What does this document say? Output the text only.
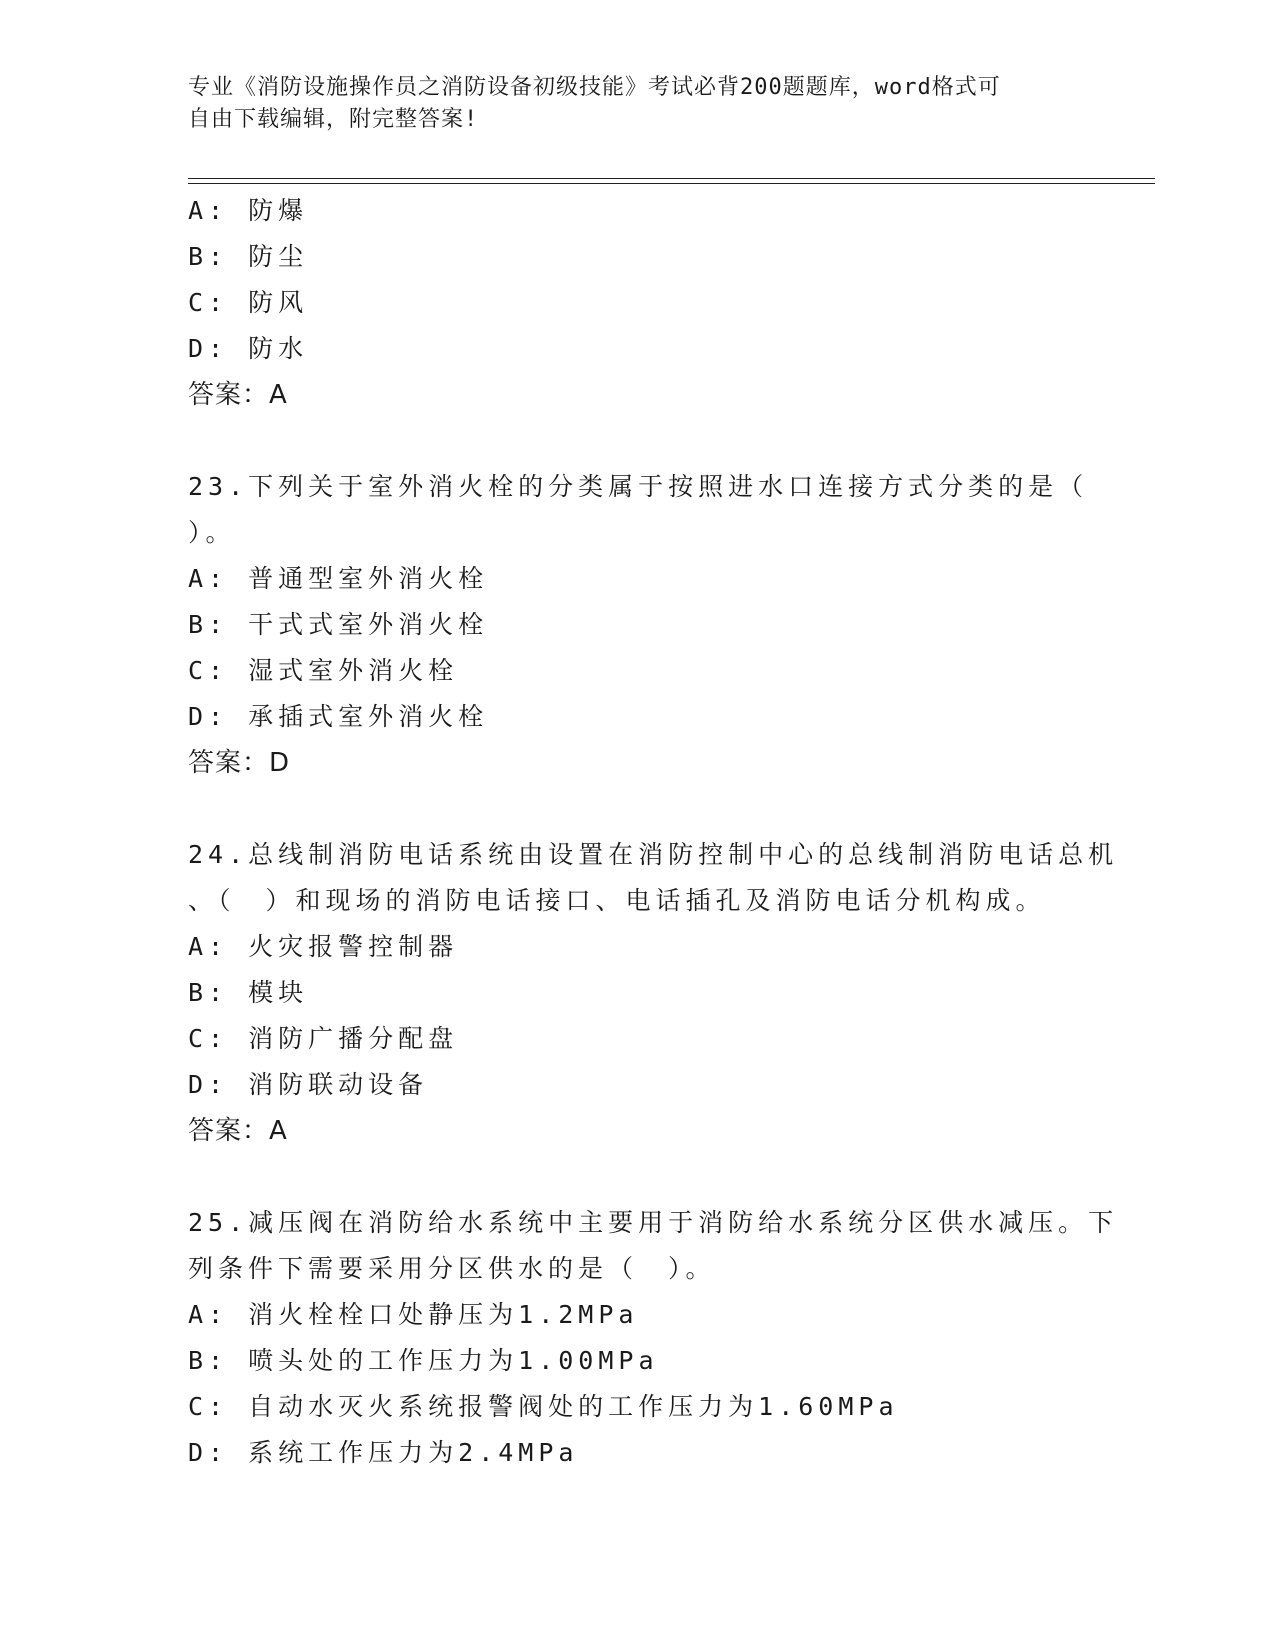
专业《消防设施操作员之消防设备初级技能》考试必背200题题库，word格式可
自由下载编辑，附完整答案!
A: 防爆
B: 防尘
C: 防风
D: 防水
答案：A
23.下列关于室外消火栓的分类属于按照进水口连接方式分类的是（
）。
A: 普通型室外消火栓
B: 干式式室外消火栓
C: 湿式室外消火栓
D: 承插式室外消火栓
答案：D
24.总线制消防电话系统由设置在消防控制中心的总线制消防电话总机
、（　）和现场的消防电话接口、电话插孔及消防电话分机构成。
A: 火灾报警控制器
B: 模块
C: 消防广播分配盘
D: 消防联动设备
答案：A
25.减压阀在消防给水系统中主要用于消防给水系统分区供水减压。下
列条件下需要采用分区供水的是（　）。
A: 消火栓栓口处静压为1.2MPa
B: 喷头处的工作压力为1.00MPa
C: 自动水灭火系统报警阀处的工作压力为1.60MPa
D: 系统工作压力为2.4MPa
